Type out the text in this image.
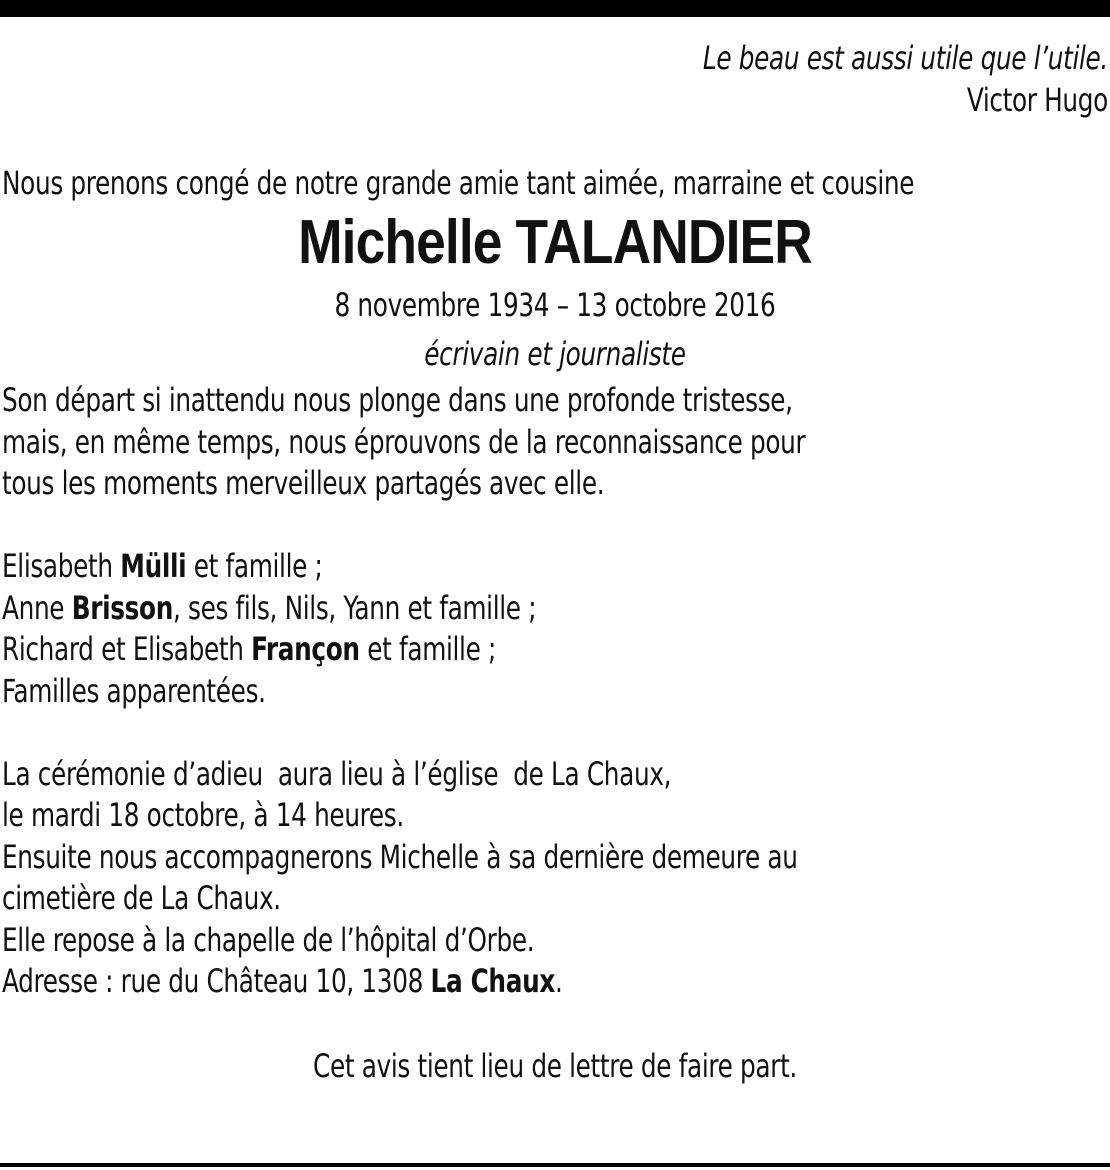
Le beau est aussi utile que l’utile.
Victor Hugo

Nous prenons congé de notre grande amie tant aimée, marraine et cousine

Michelle TALANDIER
8 novembre 1934 – 13 octobre 2016
écrivain et journaliste

Son départ si inattendu nous plonge dans une profonde tristesse,

mais, en même temps, nous éprouvons de la reconnaissance pour

tous les moments merveilleux partagés avec elle.

Elisabeth Mülli et famille ;

Anne Brisson, ses fils, Nils, Yann et famille ;

Richard et Elisabeth Françon et famille ;

Familles apparentées.

La cérémonie d’adieu  aura lieu à l’église  de La Chaux,

le mardi 18 octobre, à 14 heures.

Ensuite nous accompagnerons Michelle à sa dernière demeure au

cimetière de La Chaux.

Elle repose à la chapelle de l’hôpital d’Orbe.

Adresse : rue du Château 10, 1308 La Chaux.

Cet avis tient lieu de lettre de faire part.
